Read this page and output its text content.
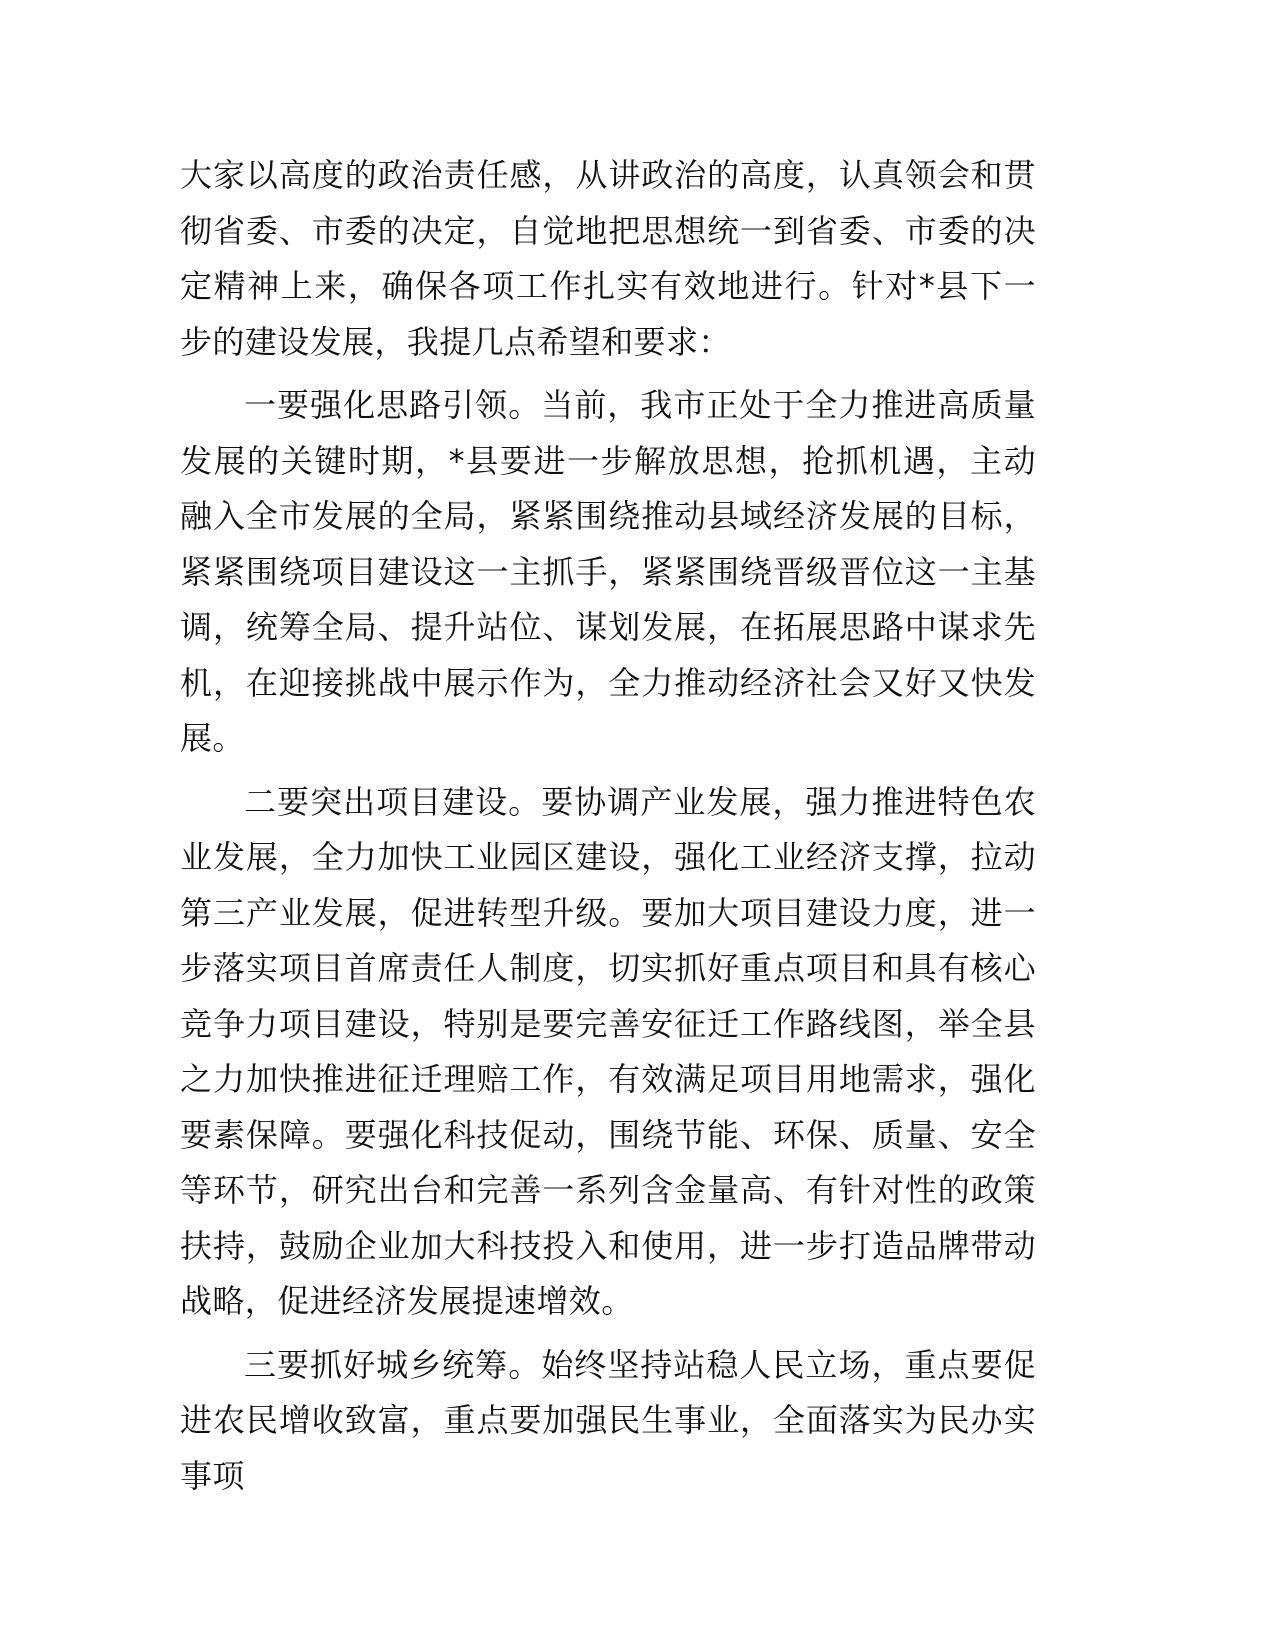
大家以高度的政治责任感，从讲政治的高度，认真领会和贯彻省委、市委的决定，自觉地把思想统一到省委、市委的决定精神上来，确保各项工作扎实有效地进行。针对*县下一步的建设发展，我提几点希望和要求：

一要强化思路引领。当前，我市正处于全力推进高质量发展的关键时期，*县要进一步解放思想，抢抓机遇，主动融入全市发展的全局，紧紧围绕推动县域经济发展的目标，紧紧围绕项目建设这一主抓手，紧紧围绕晋级晋位这一主基调，统筹全局、提升站位、谋划发展，在拓展思路中谋求先机，在迎接挑战中展示作为，全力推动经济社会又好又快发展。

二要突出项目建设。要协调产业发展，强力推进特色农业发展，全力加快工业园区建设，强化工业经济支撑，拉动第三产业发展，促进转型升级。要加大项目建设力度，进一步落实项目首席责任人制度，切实抓好重点项目和具有核心竞争力项目建设，特别是要完善安征迁工作路线图，举全县之力加快推进征迁理赔工作，有效满足项目用地需求，强化要素保障。要强化科技促动，围绕节能、环保、质量、安全等环节，研究出台和完善一系列含金量高、有针对性的政策扶持，鼓励企业加大科技投入和使用，进一步打造品牌带动战略，促进经济发展提速增效。

三要抓好城乡统筹。始终坚持站稳人民立场，重点要促进农民增收致富，重点要加强民生事业，全面落实为民办实事项
